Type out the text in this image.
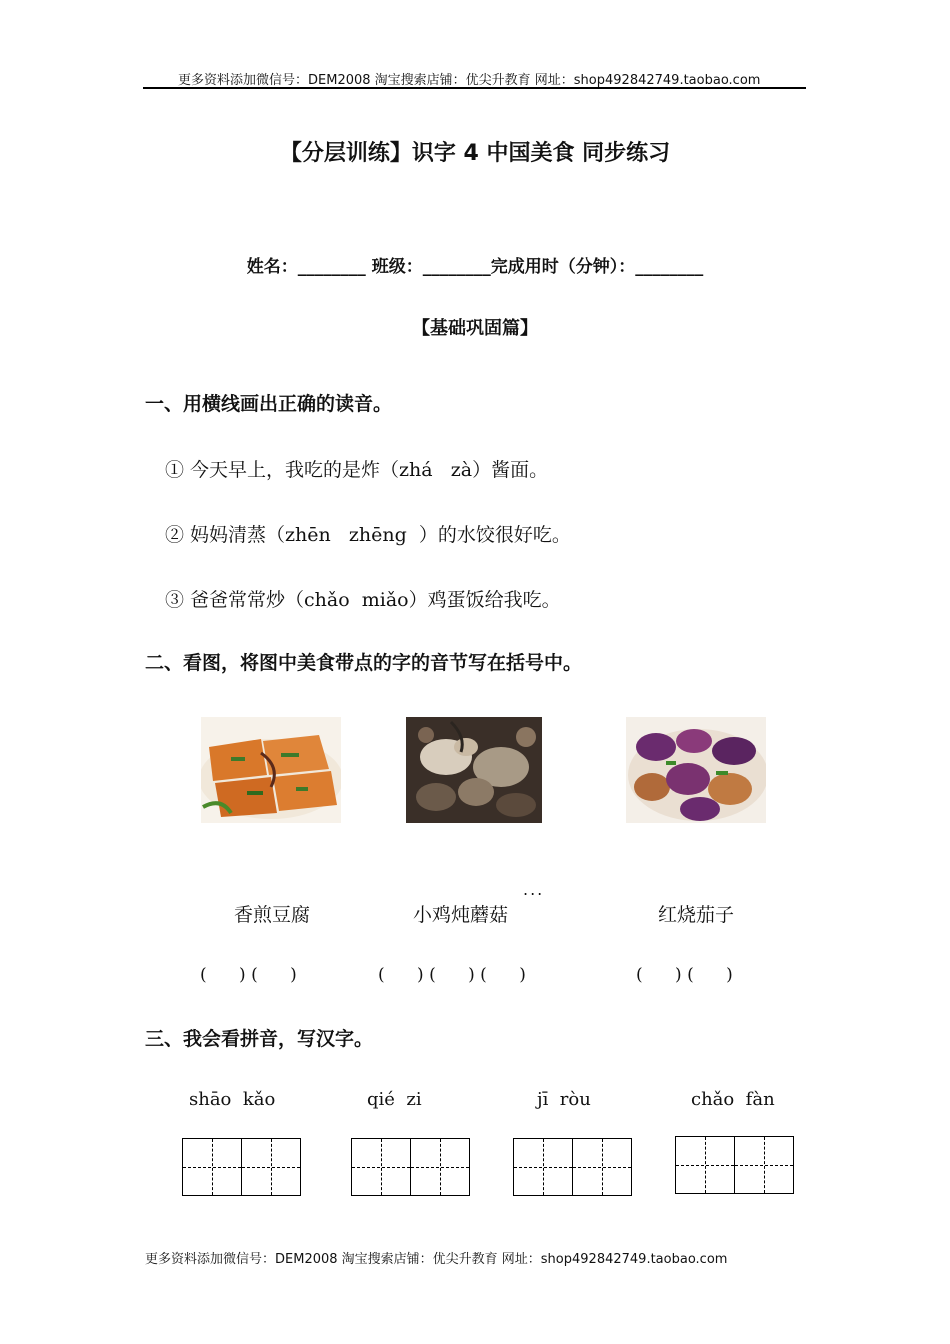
更多资料添加微信号：DEM2008 淘宝搜索店铺：优尖升教育 网址：shop492842749.taobao.com
【分层训练】识字 4 中国美食 同步练习
姓名：________ 班级：________完成用时（分钟）：________
【基础巩固篇】
一、用横线画出正确的读音。
① 今天早上，我吃的是炸（zhá   zà）酱面。
② 妈妈清蒸（zhēn   zhēng  ）的水饺很好吃。
③ 爸爸常常炒（chǎo  miǎo）鸡蛋饭给我吃。
二、看图，将图中美食带点的字的音节写在括号中。
...
香煎豆腐	小鸡炖蘑菇	红烧茄子
(      ) (      )	(      ) (      ) (      )	(      ) (      )
三、我会看拼音，写汉字。
shāo  kǎo	qié  zi	jī  ròu	chǎo  fàn
更多资料添加微信号：DEM2008 淘宝搜索店铺：优尖升教育 网址：shop492842749.taobao.com
